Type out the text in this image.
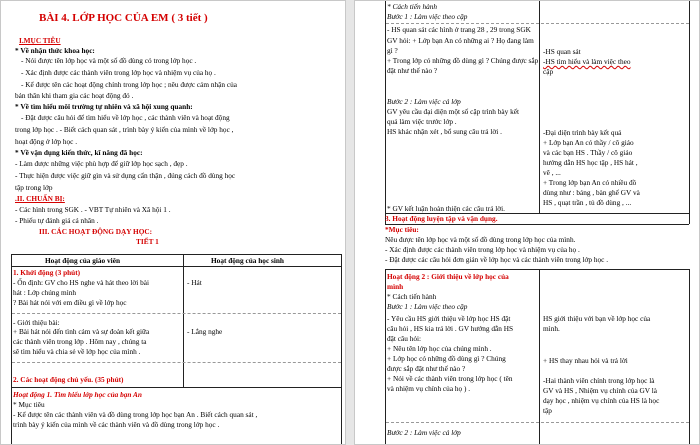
BÀI 4. LỚP HỌC CỦA EM ( 3 tiết )
I.MỤC TIÊU
* Về nhận thức khoa học:
- Nói được tên lớp học và một số đồ dùng có trong lớp học .
- Xác định được các thành viên trong lớp học và nhiệm vụ của họ .
- Kể được tên các hoạt động chính trong lớp học ; nêu được cảm nhận của
bản thân khi tham gia các hoạt động đó .
* Về tìm hiểu môi trường tự nhiên và xã hội xung quanh:
- Đặt được câu hỏi để tìm hiểu về lớp học , các thành viên và hoạt động
trong lớp học . - Biết cách quan sát , trình bày ý kiến của mình về lớp học ,
hoạt động ở lớp học .
* Về vận dụng kiến thức, kĩ năng đã học:
- Làm được những việc phù hợp để giữ lớp học sạch , đẹp .
- Thực hiện được việc giữ gìn và sử dụng cẩn thận , đúng cách đồ dùng học
tập trong lớp
.II. CHUẨN BỊ:
- Các hình trong SGK . - VBT Tự nhiên và Xã hội 1 .
- Phiếu tự đánh giá cá nhân .
III. CÁC HOẠT ĐỘNG DẠY HỌC:
TIẾT 1
Hoạt động của giáo viên	Hoạt động của học sinh
1. Khởi động (3 phút)
- Ổn định: GV cho HS nghe và hát theo lời bài
hát : Lớp chúng mình
? Bài hát nói với em điều gì về lớp học
- Hát
- Giới thiệu bài:
+ Bài hát nói đến tình cảm và sự đoàn kết giữa
các thành viên trong lớp . Hôm nay , chúng ta
sẽ tìm hiểu và chia sẻ về lớp học của mình .
- Lắng nghe
2. Các hoạt động chủ yếu. (35 phút)
Hoạt động 1. Tìm hiểu lớp học của bạn An
* Mục tiêu
- Kể được tên các thành viên và đồ dùng trong lớp học bạn An . Biết cách quan sát ,
trình bày ý kiến của mình về các thành viên và đồ dùng trong lớp học .
* Cách tiến hành
Bước 1 : Làm việc theo cặp
- HS quan sát các hình ở trang 28 , 29 trong SGK
GV hỏi: + Lớp bạn An có những ai ? Họ đang làm
gì ?
+ Trong lớp có những đồ dùng gì ? Chúng được sắp
đặt như thế nào ?
Bước 2 : Làm việc cả lớp
GV yêu cầu đại diện một số cặp trình bày kết
quả làm việc trước lớp .
HS khác nhận xét , bổ sung câu trả lời .
-HS quan sát
-HS tìm hiểu và làm việc theo
cặp
-Đại diện trình bày kết quả
+ Lớp bạn An có thầy / cô giáo
và các bạn HS . Thầy / cô giáo
hướng dẫn HS học tập , HS hát ,
vẽ , ...
+ Trong lớp bạn An có nhiều đồ
dùng như : bảng , bàn ghế GV và
HS , quạt trần , tủ đồ dùng , ...
* GV kết luận hoàn thiện các câu trả lời.
3. Hoạt động luyện tập và vận dụng.
*Mục tiêu:
Nêu được tên lớp học và một số đồ dùng trong lớp học của mình.
- Xác định được các thành viên trong lớp học và nhiệm vụ của họ .
- Đặt được các câu hỏi đơn giản về lớp học và các thành viên trong lớp học .
Hoạt động 2 : Giới thiệu về lớp học của
mình
* Cách tiến hành
Bước 1 : Làm việc theo cặp
- Yêu cầu HS giới thiệu về lớp học HS đặt
câu hỏi , HS kia trả lời . GV hướng dẫn HS
đặt câu hỏi:
+ Nêu tên lớp học của chúng mình .
+ Lớp học có những đồ dùng gì ? Chúng
được sắp đặt như thế nào ?
+ Nói về các thành viên trong lớp học ( tên
và nhiệm vụ chính của họ ) .
HS giới thiệu với bạn về lớp học của
mình.
+ HS thay nhau hỏi và trả lời
-Hai thành viên chính trong lớp học là
GV và HS , Nhiệm vụ chính của GV là
dạy học , nhiệm vụ chính của HS là học
tập
Bước 2 : Làm việc cả lớp
